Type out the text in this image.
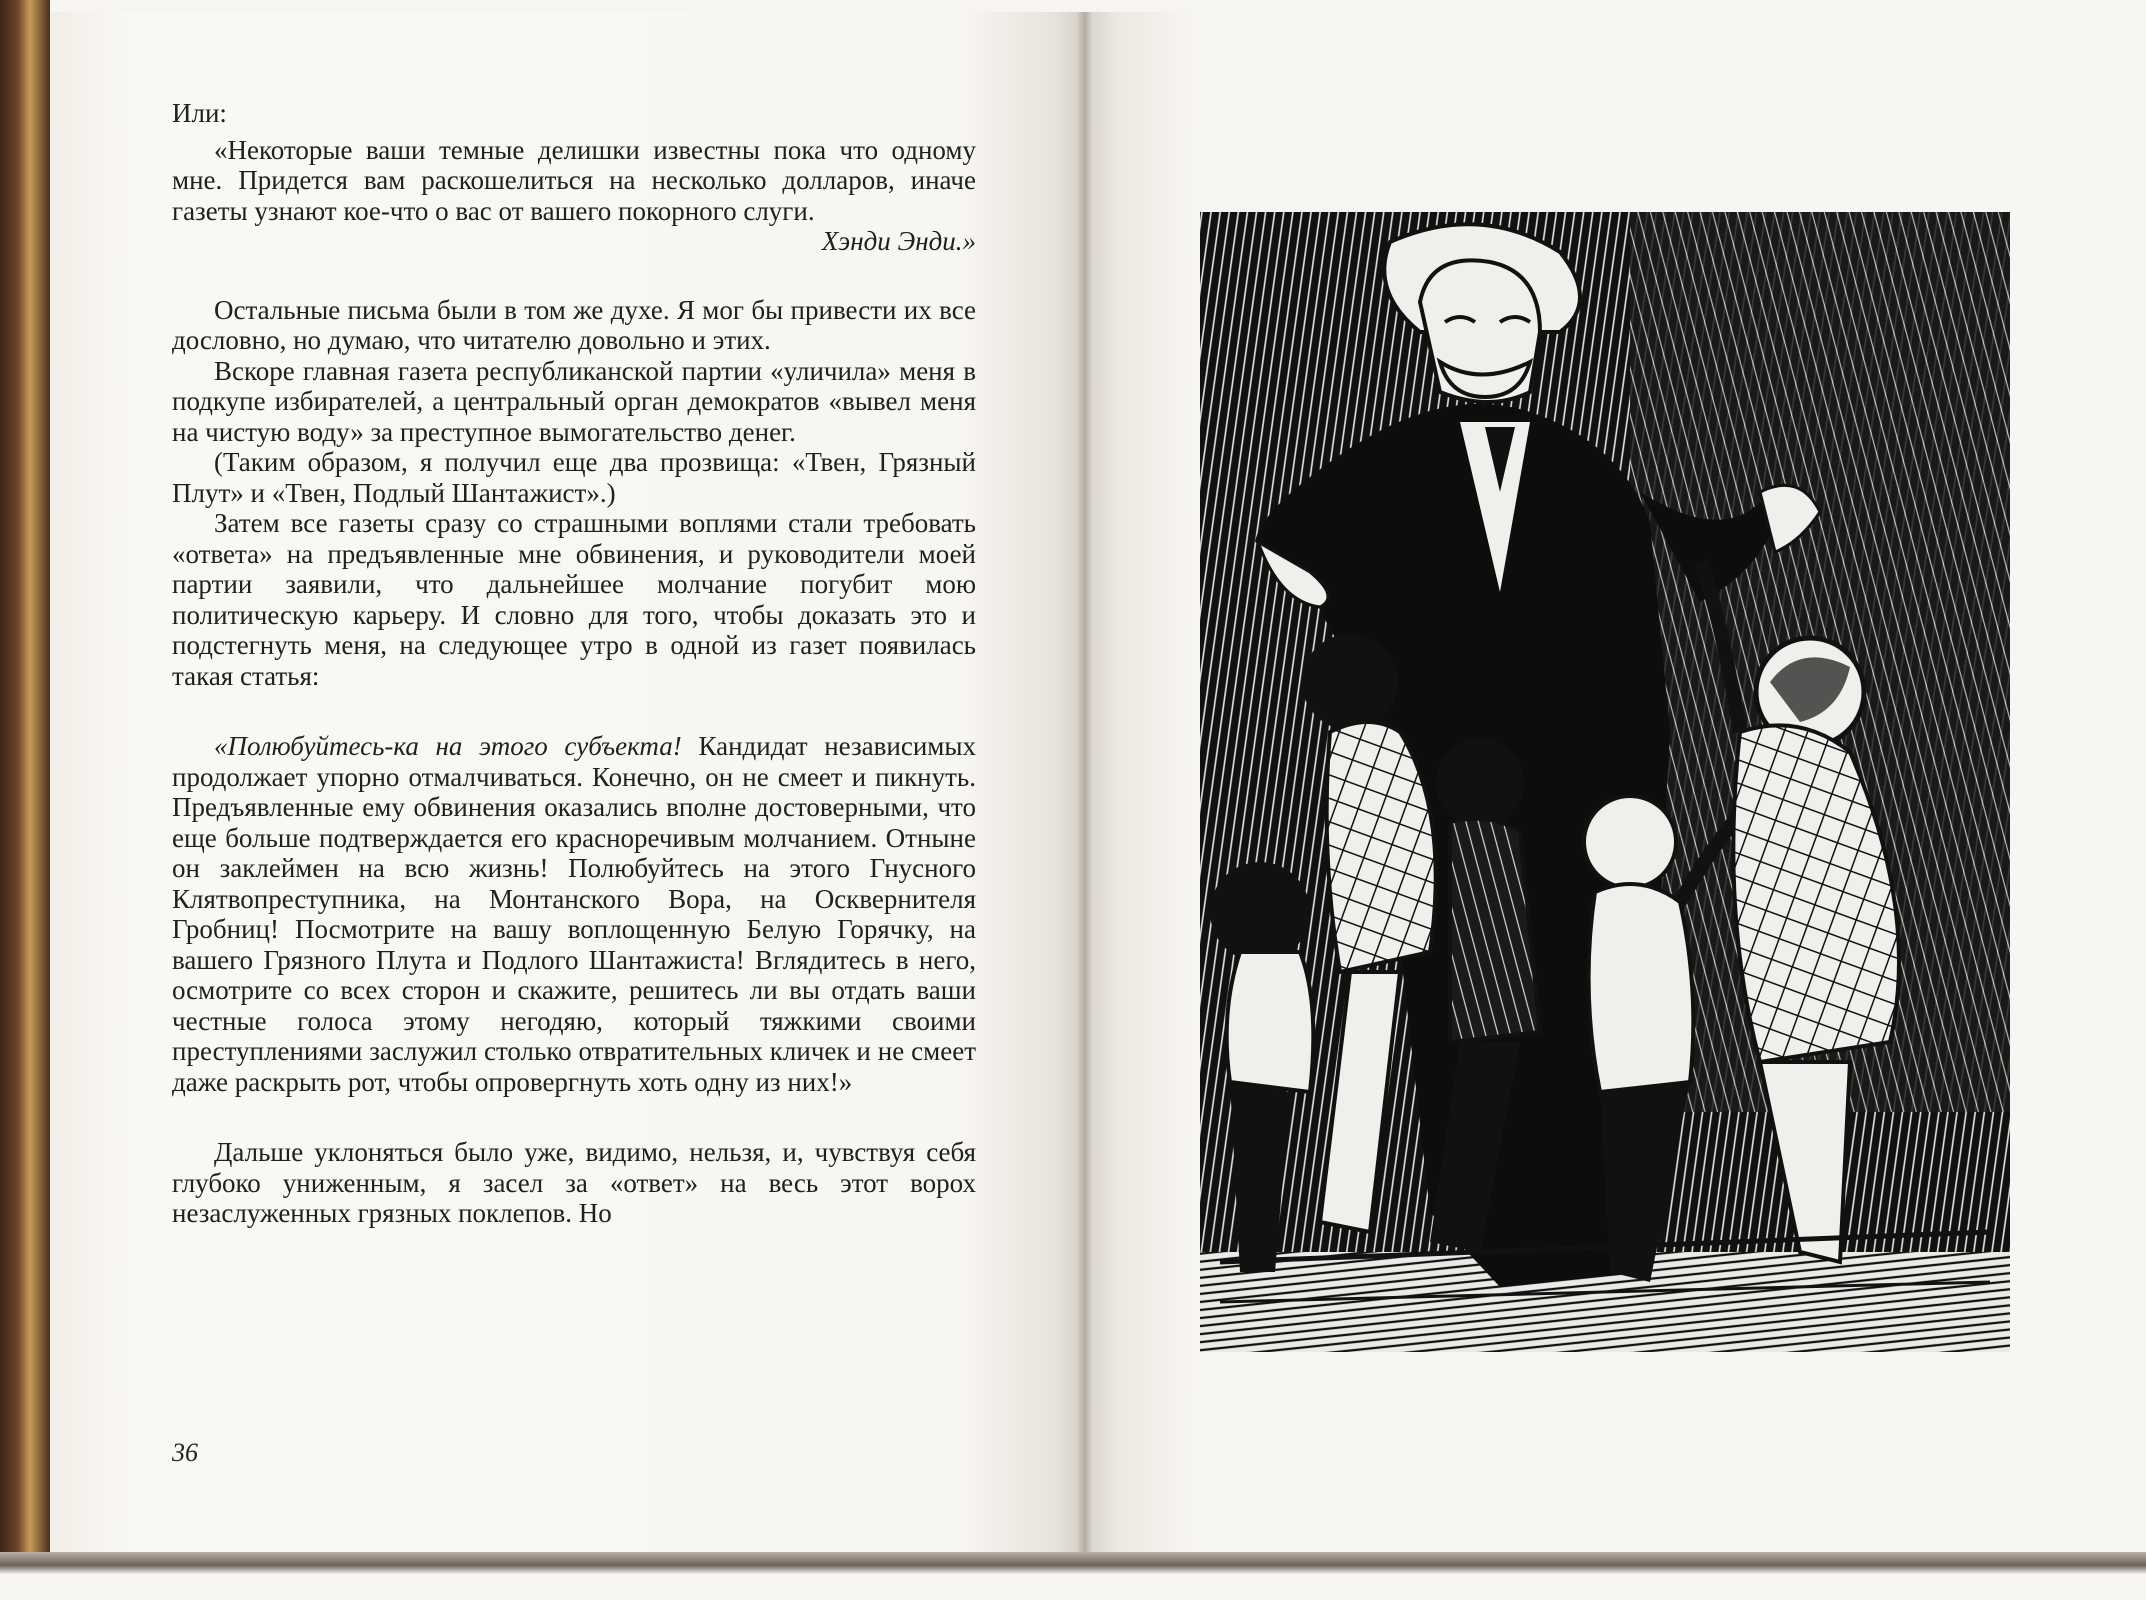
Или:

«Некоторые ваши темные делишки известны пока что одному мне. Придется вам раскошелиться на несколько долларов, иначе газеты узнают кое-что о вас от вашего покорного слуги.

Хэнди Энди.»

Остальные письма были в том же духе. Я мог бы привести их все дословно, но думаю, что читателю довольно и этих.

Вскоре главная газета республиканской партии «уличила» меня в подкупе избирателей, а центральный орган демократов «вывел меня на чистую воду» за преступное вымогательство денег.

(Таким образом, я получил еще два прозвища: «Твен, Грязный Плут» и «Твен, Подлый Шантажист».)

Затем все газеты сразу со страшными воплями стали требовать «ответа» на предъявленные мне обвинения, и руководители моей партии заявили, что дальнейшее молчание погубит мою политическую карьеру. И словно для того, чтобы доказать это и подстегнуть меня, на следующее утро в одной из газет появилась такая статья:

«Полюбуйтесь-ка на этого субъекта! Кандидат независимых продолжает упорно отмалчиваться. Конечно, он не смеет и пикнуть. Предъявленные ему обвинения оказались вполне достоверными, что еще больше подтверждается его красноречивым молчанием. Отныне он заклеймен на всю жизнь! Полюбуйтесь на этого Гнусного Клятвопреступника, на Монтанского Вора, на Осквернителя Гробниц! Посмотрите на вашу воплощенную Белую Горячку, на вашего Грязного Плута и Подлого Шантажиста! Вглядитесь в него, осмотрите со всех сторон и скажите, решитесь ли вы отдать ваши честные голоса этому негодяю, который тяжкими своими преступлениями заслужил столько отвратительных кличек и не смеет даже раскрыть рот, чтобы опровергнуть хоть одну из них!»

Дальше уклоняться было уже, видимо, нельзя, и, чувствуя себя глубоко униженным, я засел за «ответ» на весь этот ворох незаслуженных грязных поклепов. Но

36
